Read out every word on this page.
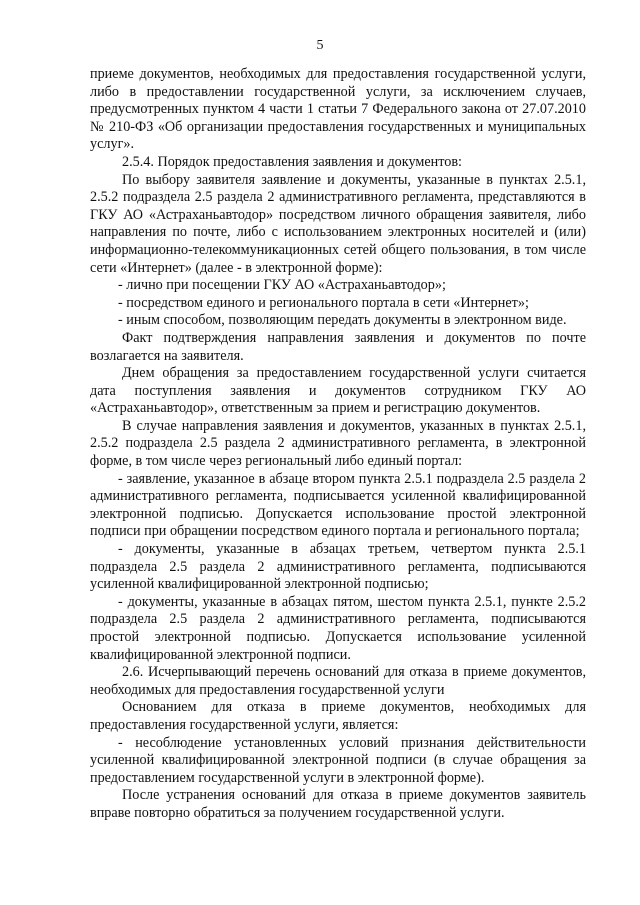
5

приеме документов, необходимых для предоставления государственной услуги, либо в предоставлении государственной услуги, за исключением случаев, предусмотренных пунктом 4 части 1 статьи 7 Федерального закона от 27.07.2010 № 210-ФЗ «Об организации предоставления государственных и муниципальных услуг».

2.5.4. Порядок предоставления заявления и документов:

По выбору заявителя заявление и документы, указанные в пунктах 2.5.1, 2.5.2 подраздела 2.5 раздела 2 административного регламента, представляются в ГКУ АО «Астраханьавтодор» посредством личного обращения заявителя, либо направления по почте, либо с использованием электронных носителей и (или) информационно-телекоммуникационных сетей общего пользования, в том числе сети «Интернет» (далее - в электронной форме):

- лично при посещении ГКУ АО «Астраханьавтодор»;

- посредством единого и регионального портала в сети «Интернет»;

- иным способом, позволяющим передать документы в электронном виде.

Факт подтверждения направления заявления и документов по почте возлагается на заявителя.

Днем обращения за предоставлением государственной услуги считается дата поступления заявления и документов сотрудником ГКУ АО «Астраханьавтодор», ответственным за прием и регистрацию документов.

В случае направления заявления и документов, указанных в пунктах 2.5.1, 2.5.2 подраздела 2.5 раздела 2 административного регламента, в электронной форме, в том числе через региональный либо единый портал:

- заявление, указанное в абзаце втором пункта 2.5.1 подраздела 2.5 раздела 2 административного регламента, подписывается усиленной квалифицированной электронной подписью. Допускается использование простой электронной подписи при обращении посредством единого портала и регионального портала;

- документы, указанные в абзацах третьем, четвертом пункта 2.5.1 подраздела 2.5 раздела 2 административного регламента, подписываются усиленной квалифицированной электронной подписью;

- документы, указанные в абзацах пятом, шестом пункта 2.5.1, пункте 2.5.2 подраздела 2.5 раздела 2 административного регламента, подписываются простой электронной подписью. Допускается использование усиленной квалифицированной электронной подписи.

2.6. Исчерпывающий перечень оснований для отказа в приеме документов, необходимых для предоставления государственной услуги

Основанием для отказа в приеме документов, необходимых для предоставления государственной услуги, является:

- несоблюдение установленных условий признания действительности усиленной квалифицированной электронной подписи (в случае обращения за предоставлением государственной услуги в электронной форме).

После устранения оснований для отказа в приеме документов заявитель вправе повторно обратиться за получением государственной услуги.
